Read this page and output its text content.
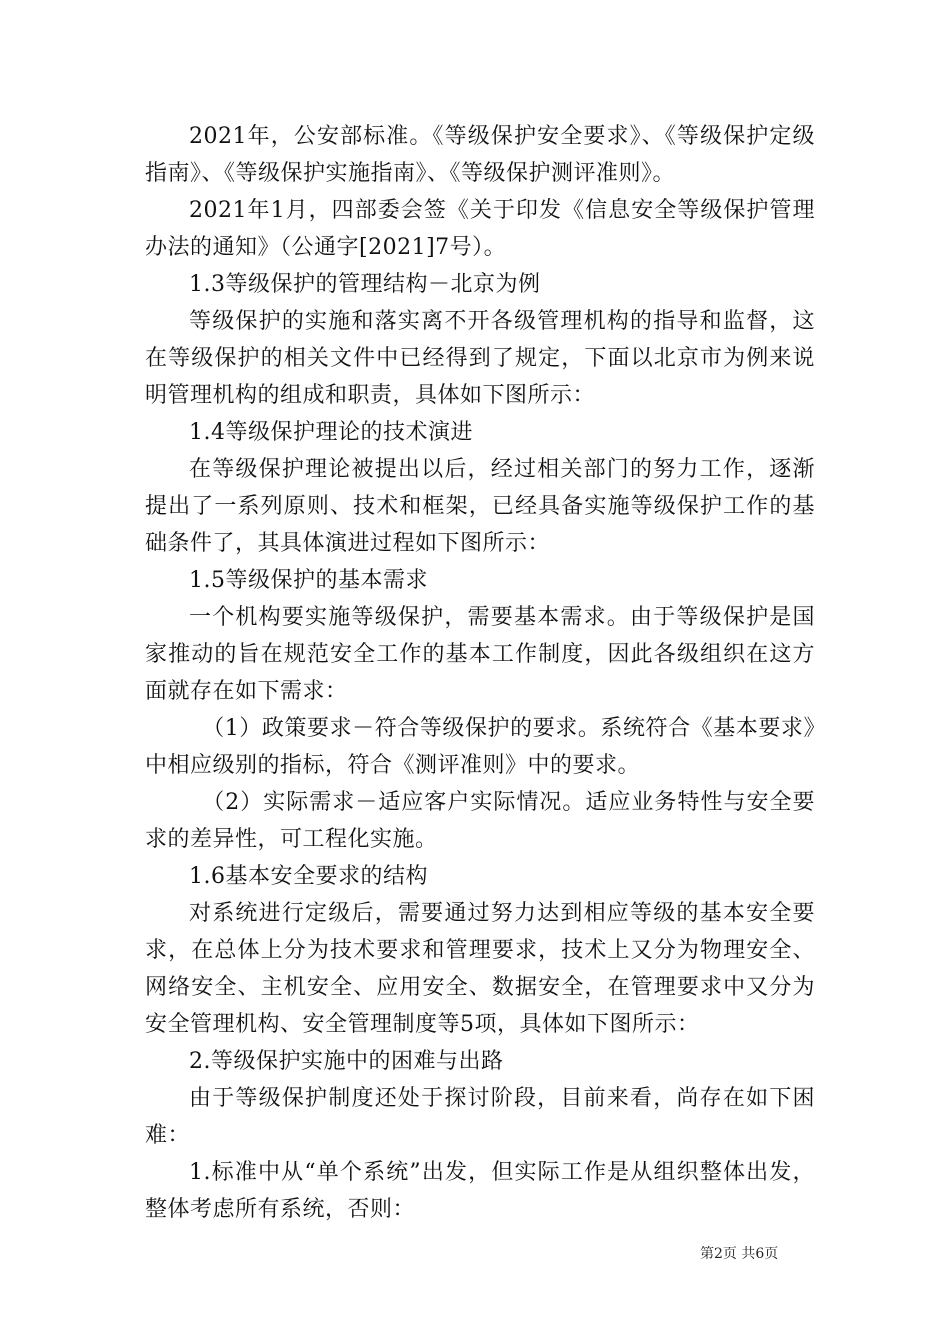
2021年，公安部标准。《等级保护安全要求》、《等级保护定级指南》、《等级保护实施指南》、《等级保护测评准则》。

2021年1月，四部委会签《关于印发《信息安全等级保护管理办法的通知》（公通字[2021]7号）。

1.3等级保护的管理结构－北京为例

等级保护的实施和落实离不开各级管理机构的指导和监督，这在等级保护的相关文件中已经得到了规定，下面以北京市为例来说明管理机构的组成和职责，具体如下图所示：

1.4等级保护理论的技术演进

在等级保护理论被提出以后，经过相关部门的努力工作，逐渐提出了一系列原则、技术和框架，已经具备实施等级保护工作的基础条件了，其具体演进过程如下图所示：

1.5等级保护的基本需求

一个机构要实施等级保护，需要基本需求。由于等级保护是国家推动的旨在规范安全工作的基本工作制度，因此各级组织在这方面就存在如下需求：

（1）政策要求－符合等级保护的要求。系统符合《基本要求》中相应级别的指标，符合《测评准则》中的要求。

（2）实际需求－适应客户实际情况。适应业务特性与安全要求的差异性，可工程化实施。

1.6基本安全要求的结构

对系统进行定级后，需要通过努力达到相应等级的基本安全要求，在总体上分为技术要求和管理要求，技术上又分为物理安全、网络安全、主机安全、应用安全、数据安全，在管理要求中又分为安全管理机构、安全管理制度等5项，具体如下图所示：

2.等级保护实施中的困难与出路

由于等级保护制度还处于探讨阶段，目前来看，尚存在如下困难：

1.标准中从“单个系统”出发，但实际工作是从组织整体出发，整体考虑所有系统，否则：

第2页 共6页
